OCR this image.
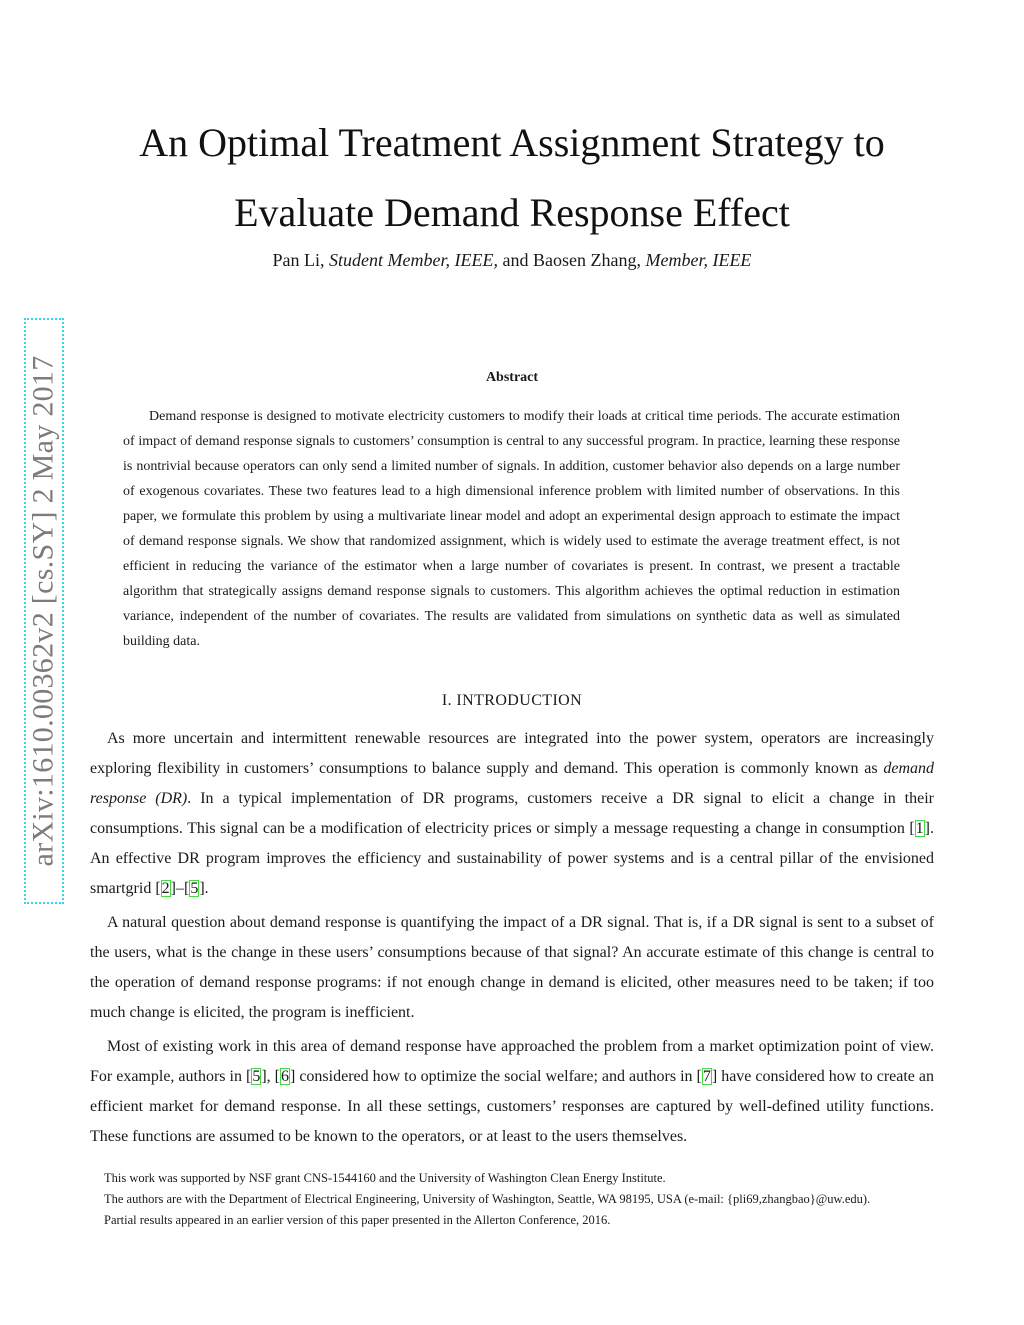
arXiv:1610.00362v2 [cs.SY] 2 May 2017
An Optimal Treatment Assignment Strategy to
Evaluate Demand Response Effect

Pan Li, Student Member, IEEE, and Baosen Zhang, Member, IEEE

Abstract

Demand response is designed to motivate electricity customers to modify their loads at critical time periods. The accurate estimation of impact of demand response signals to customers’ consumption is central to any successful program. In practice, learning these response is nontrivial because operators can only send a limited number of signals. In addition, customer behavior also depends on a large number of exogenous covariates. These two features lead to a high dimensional inference problem with limited number of observations. In this paper, we formulate this problem by using a multivariate linear model and adopt an experimental design approach to estimate the impact of demand response signals. We show that randomized assignment, which is widely used to estimate the average treatment effect, is not efficient in reducing the variance of the estimator when a large number of covariates is present. In contrast, we present a tractable algorithm that strategically assigns demand response signals to customers. This algorithm achieves the optimal reduction in estimation variance, independent of the number of covariates. The results are validated from simulations on synthetic data as well as simulated building data.

I. INTRODUCTION

As more uncertain and intermittent renewable resources are integrated into the power system, operators are increasingly exploring flexibility in customers’ consumptions to balance supply and demand. This operation is commonly known as demand response (DR). In a typical implementation of DR programs, customers receive a DR signal to elicit a change in their consumptions. This signal can be a modification of electricity prices or simply a message requesting a change in consumption [1]. An effective DR program improves the efficiency and sustainability of power systems and is a central pillar of the envisioned smartgrid [2]–[5].

A natural question about demand response is quantifying the impact of a DR signal. That is, if a DR signal is sent to a subset of the users, what is the change in these users’ consumptions because of that signal? An accurate estimate of this change is central to the operation of demand response programs: if not enough change in demand is elicited, other measures need to be taken; if too much change is elicited, the program is inefficient.

Most of existing work in this area of demand response have approached the problem from a market optimization point of view. For example, authors in [5], [6] considered how to optimize the social welfare; and authors in [7] have considered how to create an efficient market for demand response. In all these settings, customers’ responses are captured by well-defined utility functions. These functions are assumed to be known to the operators, or at least to the users themselves.

This work was supported by NSF grant CNS-1544160 and the University of Washington Clean Energy Institute.

The authors are with the Department of Electrical Engineering, University of Washington, Seattle, WA 98195, USA (e-mail: {pli69,zhangbao}@uw.edu).

Partial results appeared in an earlier version of this paper presented in the Allerton Conference, 2016.
